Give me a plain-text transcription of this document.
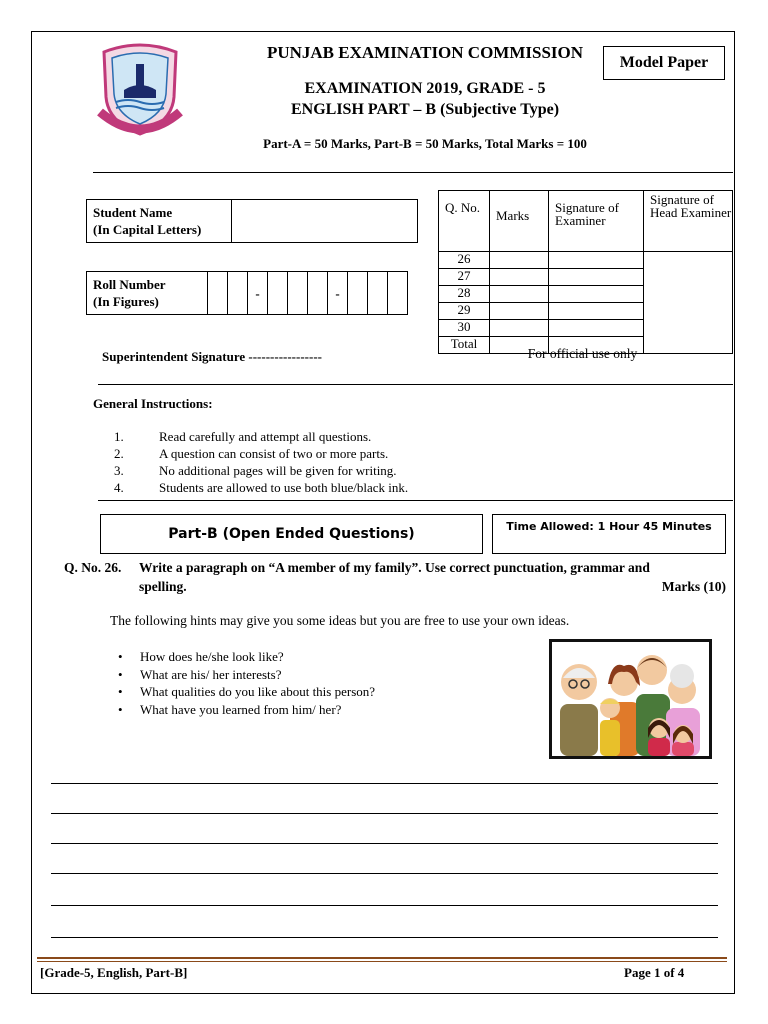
PUNJAB EXAMINATION COMMISSION
EXAMINATION 2019, GRADE - 5
ENGLISH PART – B (Subjective Type)
Part-A = 50 Marks, Part-B = 50 Marks, Total Marks = 100
Model Paper
Student Name
(In Capital Letters)	
Roll Number
(In Figures)			-				-			
Q. No.	Marks	Signature of Examiner	Signature of Head Examiner
26			
27			
28			
29			
30			
Total			
For official use only
Superintendent Signature -----------------
General Instructions:
1.	Read carefully and attempt all questions.
2.	A question can consist of two or more parts.
3.	No additional pages will be given for writing.
4.	Students are allowed to use both blue/black ink.
Part-B (Open Ended Questions)	Time Allowed: 1 Hour 45 Minutes
Q. No. 26.	Write a paragraph on “A member of my family”. Use correct punctuation, grammar and
spelling.	Marks (10)
The following hints may give you some ideas but you are free to use your own ideas.
•	How does he/she look like?
•	What are his/ her interests?
•	What qualities do you like about this person?
•	What have you learned from him/ her?
[Grade-5, English, Part-B]	Page 1 of 4
